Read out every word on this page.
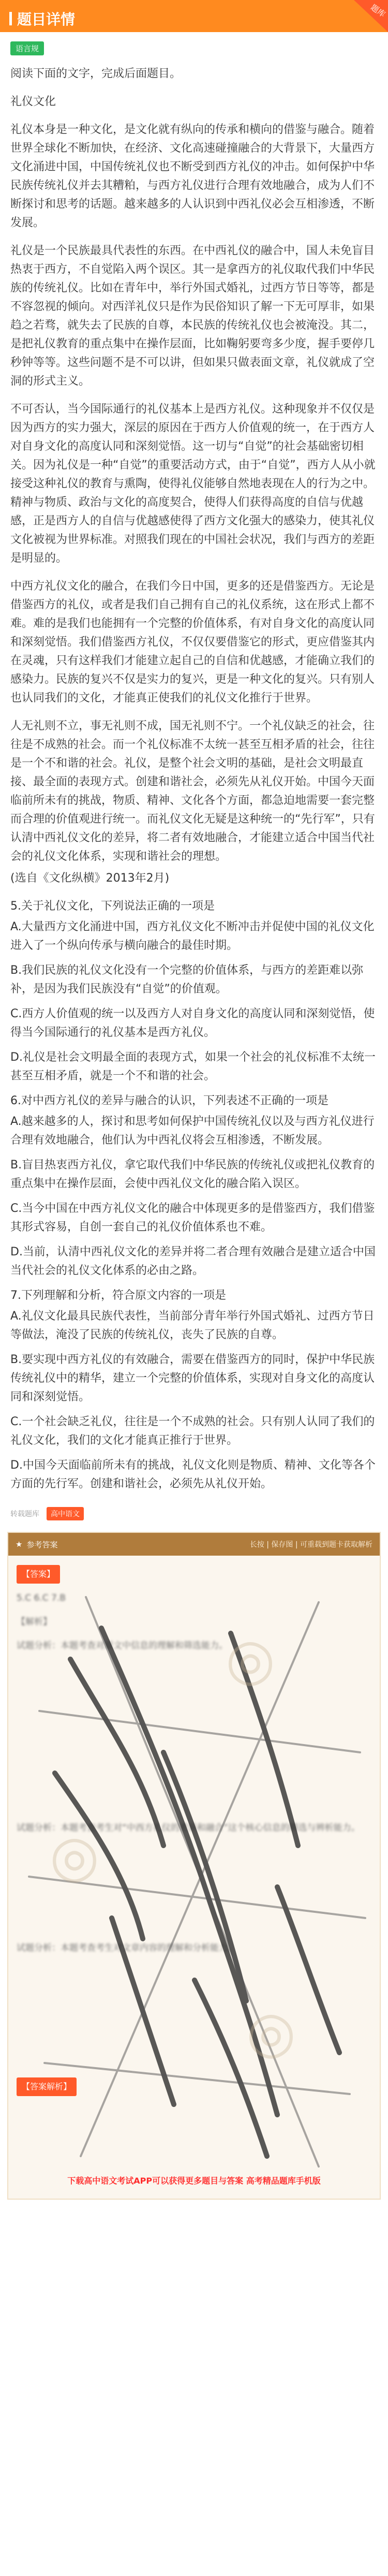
题目详情
题库
语言规

阅读下面的文字，完成后面题目。

礼仪文化

礼仪本身是一种文化，是文化就有纵向的传承和横向的借鉴与融合。随着世界全球化不断加快，在经济、文化高速碰撞融合的大背景下，大量西方文化涌进中国，中国传统礼仪也不断受到西方礼仪的冲击。如何保护中华民族传统礼仪并去其糟粕，与西方礼仪进行合理有效地融合，成为人们不断探讨和思考的话题。越来越多的人认识到中西礼仪必会互相渗透，不断发展。

礼仪是一个民族最具代表性的东西。在中西礼仪的融合中，国人未免盲目热衷于西方，不自觉陷入两个误区。其一是拿西方的礼仪取代我们中华民族的传统礼仪。比如在青年中，举行外国式婚礼，过西方节日等等，都是不容忽视的倾向。对西洋礼仪只是作为民俗知识了解一下无可厚非，如果趋之若骛，就失去了民族的自尊，本民族的传统礼仪也会被淹没。其二，是把礼仪教育的重点集中在操作层面，比如鞠躬要弯多少度，握手要停几秒钟等等。这些问题不是不可以讲，但如果只做表面文章，礼仪就成了空洞的形式主义。

不可否认，当今国际通行的礼仪基本上是西方礼仪。这种现象并不仅仅是因为西方的实力强大，深层的原因在于西方人价值观的统一，在于西方人对自身文化的高度认同和深刻觉悟。这一切与“自觉”的社会基础密切相关。因为礼仪是一种“自觉”的重要活动方式，由于“自觉”，西方人从小就接受这种礼仪的教育与熏陶，使得礼仪能够自然地表现在人的行为之中。精神与物质、政治与文化的高度契合，使得人们获得高度的自信与优越感，正是西方人的自信与优越感使得了西方文化强大的感染力，使其礼仪文化被视为世界标准。对照我们现在的中国社会状况，我们与西方的差距是明显的。

中西方礼仪文化的融合，在我们今日中国，更多的还是借鉴西方。无论是借鉴西方的礼仪，或者是我们自己拥有自己的礼仪系统，这在形式上都不难。难的是我们也能拥有一个完整的价值体系，有对自身文化的高度认同和深刻觉悟。我们借鉴西方礼仪，不仅仅要借鉴它的形式，更应借鉴其内在灵魂，只有这样我们才能建立起自己的自信和优越感，才能确立我们的感染力。民族的复兴不仅是实力的复兴，更是一种文化的复兴。只有别人也认同我们的文化，才能真正使我们的礼仪文化推行于世界。

人无礼则不立，事无礼则不成，国无礼则不宁。一个礼仪缺乏的社会，往往是不成熟的社会。而一个礼仪标准不太统一甚至互相矛盾的社会，往往是一个不和谐的社会。礼仪，是整个社会文明的基础，是社会文明最直接、最全面的表现方式。创建和谐社会，必须先从礼仪开始。中国今天面临前所未有的挑战，物质、精神、文化各个方面，都急迫地需要一套完整而合理的价值观进行统一。而礼仪文化无疑是这种统一的“先行军”，只有认清中西礼仪文化的差异，将二者有效地融合，才能建立适合中国当代社会的礼仪文化体系，实现和谐社会的理想。

(选自《文化纵横》2013年2月)

5.关于礼仪文化，下列说法正确的一项是

A.大量西方文化涌进中国，西方礼仪文化不断冲击并促使中国的礼仪文化进入了一个纵向传承与横向融合的最佳时期。
B.我们民族的礼仪文化没有一个完整的价值体系，与西方的差距难以弥补，是因为我们民族没有“自觉”的价值观。
C.西方人价值观的统一以及西方人对自身文化的高度认同和深刻觉悟，使得当今国际通行的礼仪基本是西方礼仪。
D.礼仪是社会文明最全面的表现方式，如果一个社会的礼仪标准不太统一甚至互相矛盾，就是一个不和谐的社会。

6.对中西方礼仪的差异与融合的认识，下列表述不正确的一项是

A.越来越多的人，探讨和思考如何保护中国传统礼仪以及与西方礼仪进行合理有效地融合，他们认为中西礼仪将会互相渗透，不断发展。
B.盲目热衷西方礼仪，拿它取代我们中华民族的传统礼仪或把礼仪教育的重点集中在操作层面，会使中西礼仪文化的融合陷入误区。
C.当今中国在中西方礼仪文化的融合中体现更多的是借鉴西方，我们借鉴其形式容易，自创一套自己的礼仪价值体系也不难。
D.当前，认清中西礼仪文化的差异并将二者合理有效融合是建立适合中国当代社会的礼仪文化体系的必由之路。

7.下列理解和分析，符合原文内容的一项是

A.礼仪文化最具民族代表性，当前部分青年举行外国式婚礼、过西方节日等做法，淹没了民族的传统礼仪，丧失了民族的自尊。
B.要实现中西方礼仪的有效融合，需要在借鉴西方的同时，保护中华民族传统礼仪中的精华，建立一个完整的价值体系，实现对自身文化的高度认同和深刻觉悟。
C.一个社会缺乏礼仪，往往是一个不成熟的社会。只有别人认同了我们的礼仪文化，我们的文化才能真正推行于世界。
D.中国今天面临前所未有的挑战，礼仪文化则是物质、精神、文化等各个方面的先行军。创建和谐社会，必须先从礼仪开始。
转载题库	高中语文
★ 参考答案	长按 | 保存图 | 可重载到题卡获取解析
【答案】

5.C 6.C 7.B

【解析】

试题分析：本题考查对原文中信息的理解和筛选能力。

试题分析：本题考查考生对“中西方礼仪的差异和融合”这个核心信息的筛选与辨析能力。

试题分析：本题考查考生对文章内容的理解和分析能力。

【答案解析】
◎
◎
◎
下载高中语文考试APP可以获得更多题目与答案 高考精品题库手机版
